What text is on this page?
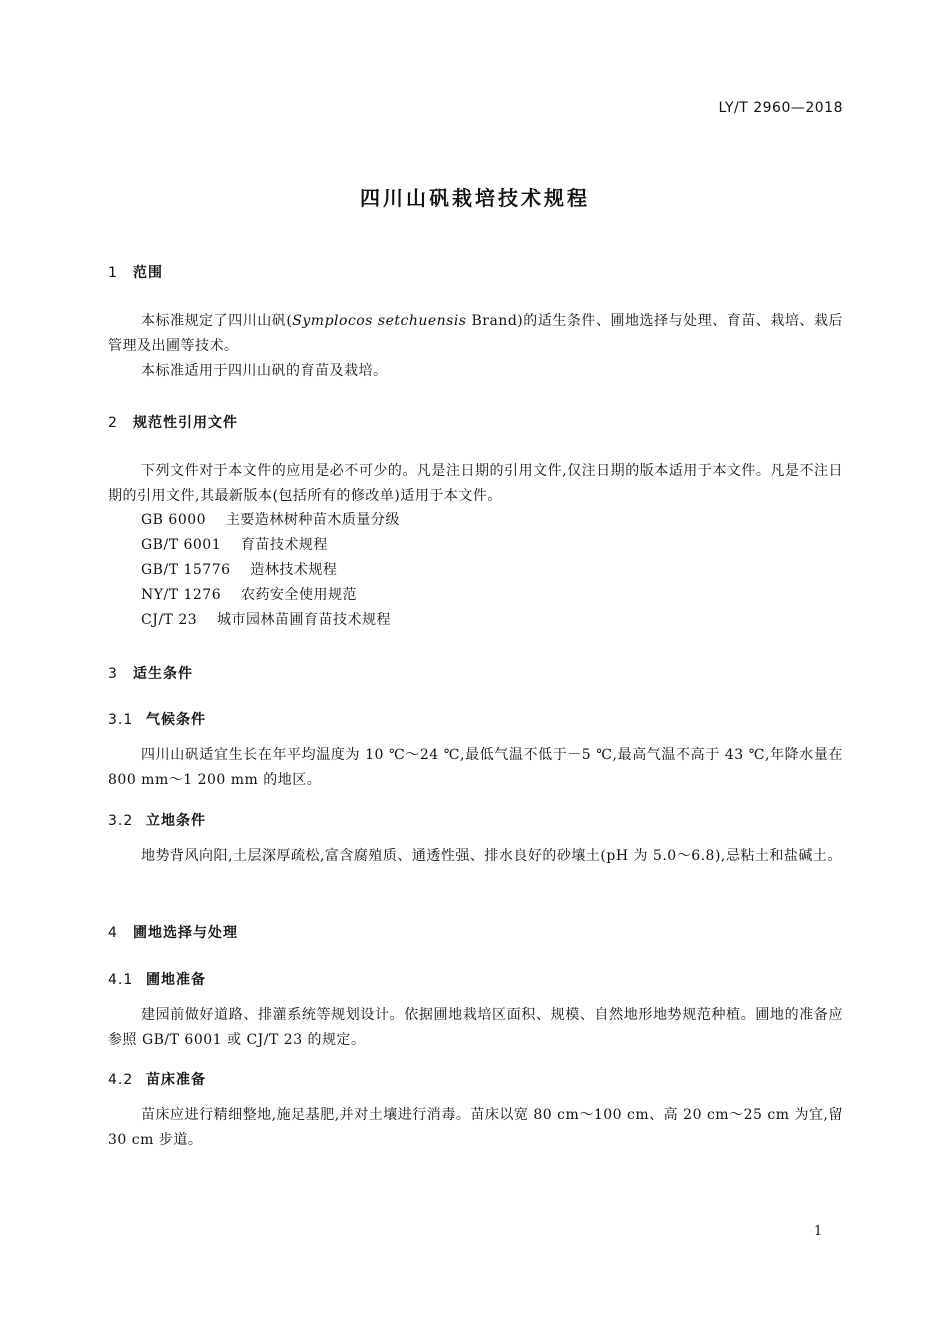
LY/T 2960—2018
四川山矾栽培技术规程
1 范围

本标准规定了四川山矾(Symplocos setchuensis Brand)的适生条件、圃地选择与处理、育苗、栽培、栽后管理及出圃等技术。

本标准适用于四川山矾的育苗及栽培。

2 规范性引用文件

下列文件对于本文件的应用是必不可少的。凡是注日期的引用文件,仅注日期的版本适用于本文件。凡是不注日期的引用文件,其最新版本(包括所有的修改单)适用于本文件。

GB 6000 主要造林树种苗木质量分级
GB/T 6001 育苗技术规程
GB/T 15776 造林技术规程
NY/T 1276 农药安全使用规范
CJ/T 23 城市园林苗圃育苗技术规程
3 适生条件
3.1 气候条件

四川山矾适宜生长在年平均温度为 10 ℃～24 ℃,最低气温不低于－5 ℃,最高气温不高于 43 ℃,年降水量在 800 mm～1 200 mm 的地区。

3.2 立地条件

地势背风向阳,土层深厚疏松,富含腐殖质、通透性强、排水良好的砂壤土(pH 为 5.0～6.8),忌粘土和盐碱土。

4 圃地选择与处理
4.1 圃地准备

建园前做好道路、排灌系统等规划设计。依据圃地栽培区面积、规模、自然地形地势规范种植。圃地的准备应参照 GB/T 6001 或 CJ/T 23 的规定。

4.2 苗床准备

苗床应进行精细整地,施足基肥,并对土壤进行消毒。苗床以宽 80 cm～100 cm、高 20 cm～25 cm 为宜,留 30 cm 步道。

1
